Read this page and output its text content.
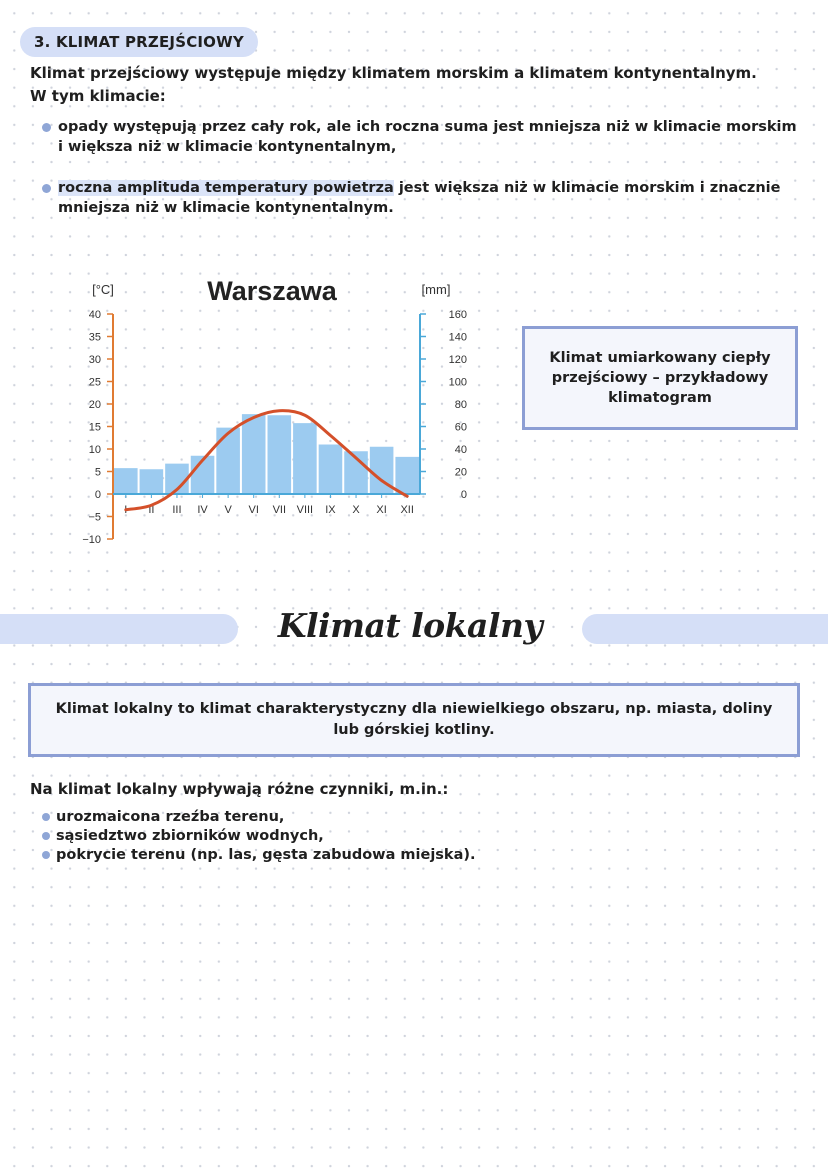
3. KLIMAT PRZEJŚCIOWY
Klimat przejściowy występuje między klimatem morskim a klimatem kontynentalnym.
W tym klimacie:
opady występują przez cały rok, ale ich roczna suma jest mniejsza niż w klimacie morskim i większa niż w klimacie kontynentalnym,
roczna amplituda temperatury powietrza jest większa niż w klimacie morskim i znacznie mniejsza niż w klimacie kontynentalnym.
Warszawa
[°C]	[mm]
40
35
30
25
20
15
10
5
0
−5
−10
160
140
120
100
80
60
40
20
0
I II III IV V VI VII VIII IX X XI XII
Klimat umiarkowany ciepły przejściowy – przykładowy klimatogram
Klimat lokalny
Klimat lokalny to klimat charakterystyczny dla niewielkiego obszaru, np. miasta, doliny lub górskiej kotliny.
Na klimat lokalny wpływają różne czynniki, m.in.:
urozmaicona rzeźba terenu,
sąsiedztwo zbiorników wodnych,
pokrycie terenu (np. las, gęsta zabudowa miejska).
